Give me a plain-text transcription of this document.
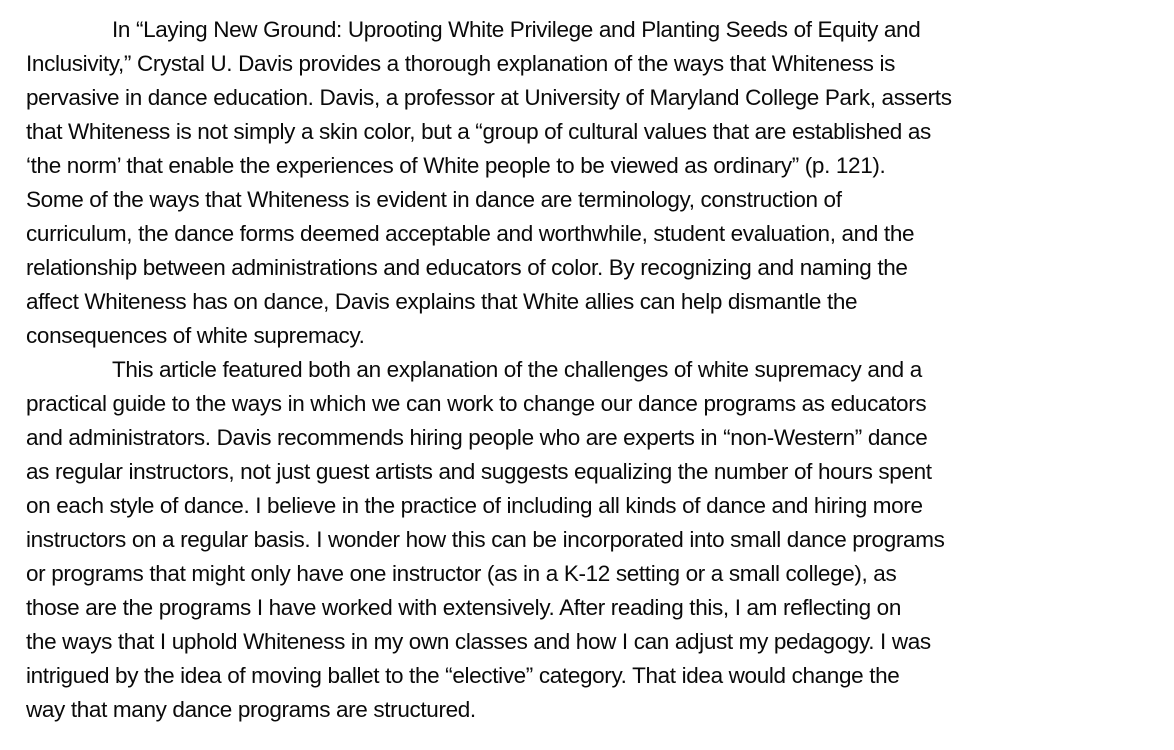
In “Laying New Ground: Uprooting White Privilege and Planting Seeds of Equity and
Inclusivity,” Crystal U. Davis provides a thorough explanation of the ways that Whiteness is
pervasive in dance education. Davis, a professor at University of Maryland College Park, asserts
that Whiteness is not simply a skin color, but a “group of cultural values that are established as
‘the norm’ that enable the experiences of White people to be viewed as ordinary” (p. 121).
Some of the ways that Whiteness is evident in dance are terminology, construction of
curriculum, the dance forms deemed acceptable and worthwhile, student evaluation, and the
relationship between administrations and educators of color. By recognizing and naming the
affect Whiteness has on dance, Davis explains that White allies can help dismantle the
consequences of white supremacy.
This article featured both an explanation of the challenges of white supremacy and a
practical guide to the ways in which we can work to change our dance programs as educators
and administrators. Davis recommends hiring people who are experts in “non-Western” dance
as regular instructors, not just guest artists and suggests equalizing the number of hours spent
on each style of dance. I believe in the practice of including all kinds of dance and hiring more
instructors on a regular basis. I wonder how this can be incorporated into small dance programs
or programs that might only have one instructor (as in a K-12 setting or a small college), as
those are the programs I have worked with extensively. After reading this, I am reflecting on
the ways that I uphold Whiteness in my own classes and how I can adjust my pedagogy. I was
intrigued by the idea of moving ballet to the “elective” category. That idea would change the
way that many dance programs are structured.
